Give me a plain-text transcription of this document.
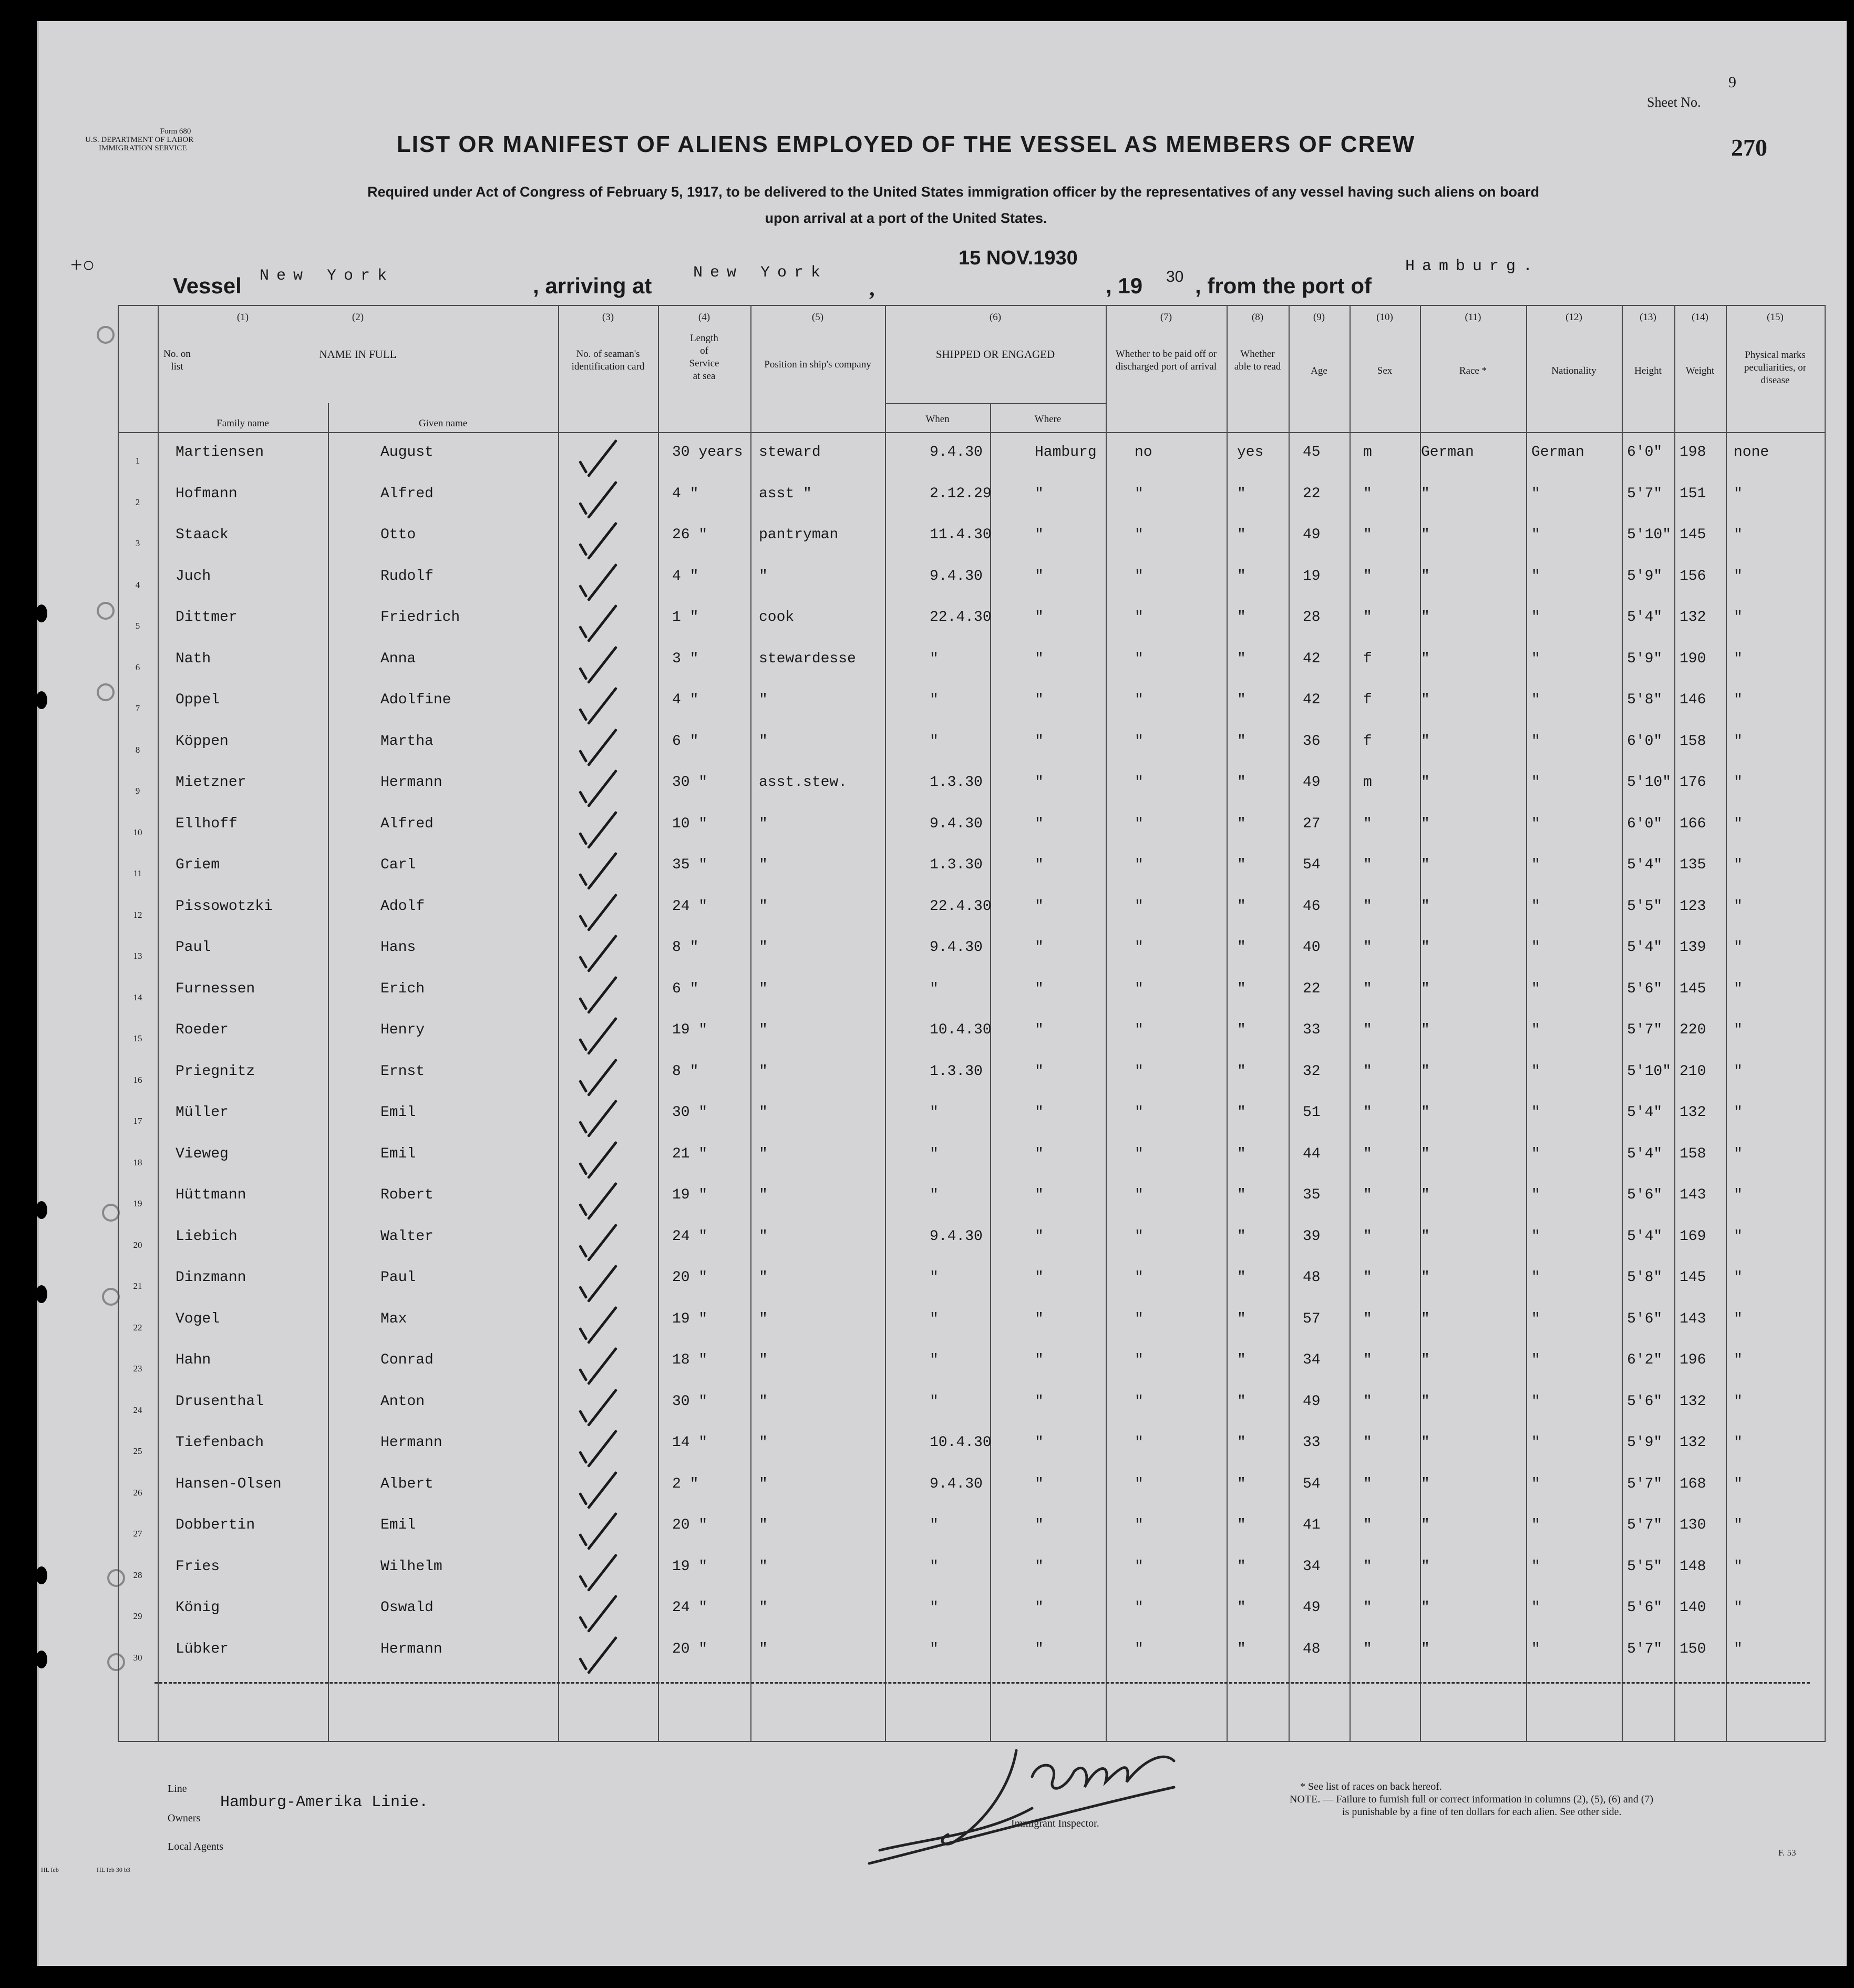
Form 680
U.S. DEPARTMENT OF LABOR
IMMIGRATION SERVICE
+○
Sheet No.
9
270
LIST OR MANIFEST OF ALIENS EMPLOYED OF THE VESSEL AS MEMBERS OF CREW
Required under Act of Congress of February 5, 1917, to be delivered to the United States immigration officer by the representatives of any vessel having such aliens on board
upon arrival at a port of the United States.
Vessel New York	, arriving at
New York
,
15 NOV.1930
, 19 30 , from the port of
Hamburg.
(1)
No. on list
(2)
NAME IN FULL
Family name	Given name
(3)
No. of seaman's identification card
(4)
Length of Service at sea
(5)
Position in ship's company
(6)
SHIPPED OR ENGAGED
When	Where
(7)
Whether to be paid off or discharged port of arrival
(8)
Whether able to read
(9)
Age
(10)
Sex
(11)
Race *
(12)
Nationality
(13)
Height
(14)
Weight
(15)
Physical marks peculiarities, or disease
1
Martiensen	August	30 years steward	9.4.30	Hamburg	no	yes	45	m	German	German	6'0" 198 none
2
Hofmann	Alfred	4 "	asst "	2.12.29	"	"	"	22	"	"	"	5'7" 151 "
3
Staack	Otto	26 "	pantryman	11.4.30	"	"	"	49	"	"	"	5'10" 145 "
4
Juch	Rudolf	4 "	"	9.4.30	"	"	"	19	"	"	"	5'9" 156 "
5
Dittmer	Friedrich	1 "	cook	22.4.30	"	"	"	28	"	"	"	5'4" 132 "
6
Nath	Anna	3 "	stewardesse	"	"	"	"	42	f	"	"	5'9" 190 "
7
Oppel	Adolfine	4 "	"	"	"	"	"	42	f	"	"	5'8" 146 "
8
Köppen	Martha	6 "	"	"	"	"	"	36	f	"	"	6'0" 158 "
9
Mietzner	Hermann	30 "	asst.stew.	1.3.30	"	"	"	49	m	"	"	5'10" 176 "
10
Ellhoff	Alfred	10 "	"	9.4.30	"	"	"	27	"	"	"	6'0" 166 "
11
Griem	Carl	35 "	"	1.3.30	"	"	"	54	"	"	"	5'4" 135 "
12
Pissowotzki	Adolf	24 "	"	22.4.30	"	"	"	46	"	"	"	5'5" 123 "
13
Paul	Hans	8 "	"	9.4.30	"	"	"	40	"	"	"	5'4" 139 "
14
Furnessen	Erich	6 "	"	"	"	"	"	22	"	"	"	5'6" 145 "
15
Roeder	Henry	19 "	"	10.4.30	"	"	"	33	"	"	"	5'7" 220 "
16
Priegnitz	Ernst	8 "	"	1.3.30	"	"	"	32	"	"	"	5'10" 210 "
17
Müller	Emil	30 "	"	"	"	"	"	51	"	"	"	5'4" 132 "
18
Vieweg	Emil	21 "	"	"	"	"	"	44	"	"	"	5'4" 158 "
19
Hüttmann	Robert	19 "	"	"	"	"	"	35	"	"	"	5'6" 143 "
20
Liebich	Walter	24 "	"	9.4.30	"	"	"	39	"	"	"	5'4" 169 "
21
Dinzmann	Paul	20 "	"	"	"	"	"	48	"	"	"	5'8" 145 "
22
Vogel	Max	19 "	"	"	"	"	"	57	"	"	"	5'6" 143 "
23
Hahn	Conrad	18 "	"	"	"	"	"	34	"	"	"	6'2" 196 "
24
Drusenthal	Anton	30 "	"	"	"	"	"	49	"	"	"	5'6" 132 "
25
Tiefenbach	Hermann	14 "	"	10.4.30	"	"	"	33	"	"	"	5'9" 132 "
26
Hansen-Olsen	Albert	2 "	"	9.4.30	"	"	"	54	"	"	"	5'7" 168 "
27
Dobbertin	Emil	20 "	"	"	"	"	"	41	"	"	"	5'7" 130 "
28
Fries	Wilhelm	19 "	"	"	"	"	"	34	"	"	"	5'5" 148 "
29
König	Oswald	24 "	"	"	"	"	"	49	"	"	"	5'6" 140 "
30
Lübker	Hermann	20 "	"	"	"	"	"	48	"	"	"	5'7" 150 "
Line
Owners
Hamburg-Amerika Linie.
Local Agents
Immigrant Inspector.
* See list of races on back hereof.
NOTE. — Failure to furnish full or correct information in columns (2), (5), (6) and (7)
is punishable by a fine of ten dollars for each alien. See other side.
F. 53
HL feb	HL feb 30 b3
